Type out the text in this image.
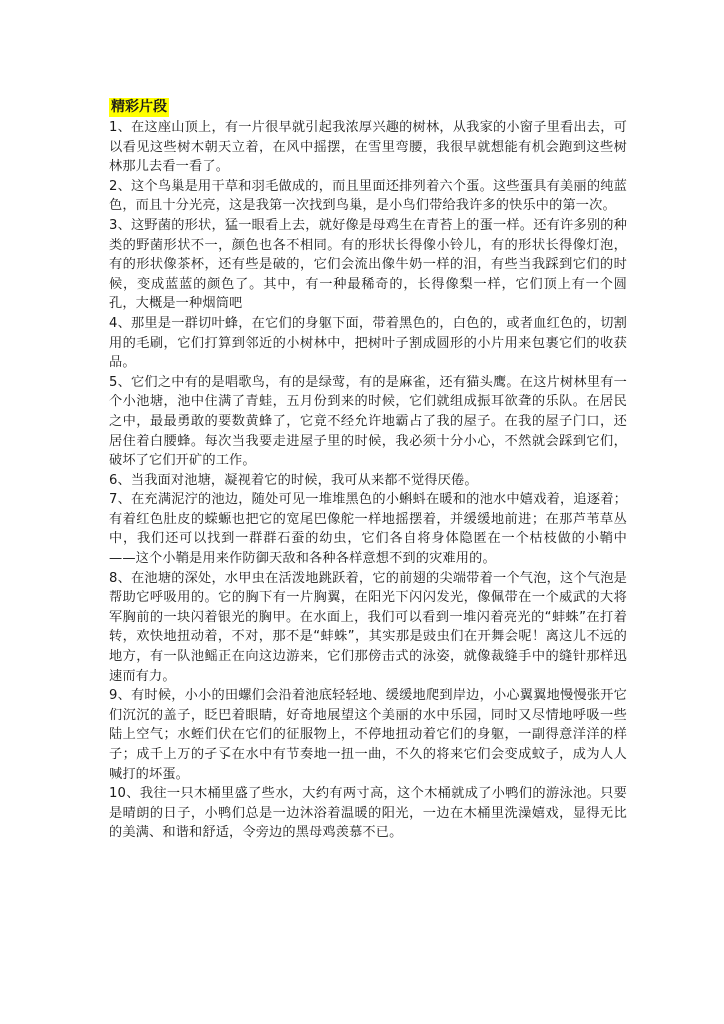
精彩片段

1、在这座山顶上，有一片很早就引起我浓厚兴趣的树林，从我家的小窗子里看出去，可以看见这些树木朝天立着，在风中摇摆，在雪里弯腰，我很早就想能有机会跑到这些树林那儿去看一看了。

2、这个鸟巢是用干草和羽毛做成的，而且里面还排列着六个蛋。这些蛋具有美丽的纯蓝色，而且十分光亮，这是我第一次找到鸟巢，是小鸟们带给我许多的快乐中的第一次。

3、这野菌的形状，猛一眼看上去，就好像是母鸡生在青苔上的蛋一样。还有许多别的种类的野菌形状不一，颜色也各不相同。有的形状长得像小铃儿，有的形状长得像灯泡，有的形状像茶杯，还有些是破的，它们会流出像牛奶一样的泪，有些当我踩到它们的时候，变成蓝蓝的颜色了。其中，有一种最稀奇的，长得像梨一样，它们顶上有一个圆孔，大概是一种烟筒吧

4、那里是一群切叶蜂，在它们的身躯下面，带着黑色的，白色的，或者血红色的，切割用的毛刷，它们打算到邻近的小树林中，把树叶子割成圆形的小片用来包裹它们的收获品。

5、它们之中有的是唱歌鸟，有的是绿莺，有的是麻雀，还有猫头鹰。在这片树林里有一个小池塘，池中住满了青蛙，五月份到来的时候，它们就组成振耳欲聋的乐队。在居民之中，最最勇敢的要数黄蜂了，它竟不经允许地霸占了我的屋子。在我的屋子门口，还居住着白腰蜂。每次当我要走进屋子里的时候，我必须十分小心，不然就会踩到它们，破坏了它们开矿的工作。

6、当我面对池塘，凝视着它的时候，我可从来都不觉得厌倦。

7、在充满泥泞的池边，随处可见一堆堆黑色的小蝌蚪在暖和的池水中嬉戏着，追逐着；有着红色肚皮的蝾螈也把它的宽尾巴像舵一样地摇摆着，并缓缓地前进；在那芦苇草丛中，我们还可以找到一群群石蚕的幼虫，它们各自将身体隐匿在一个枯枝做的小鞘中——这个小鞘是用来作防御天敌和各种各样意想不到的灾难用的。

8、在池塘的深处，水甲虫在活泼地跳跃着，它的前翅的尖端带着一个气泡，这个气泡是帮助它呼吸用的。它的胸下有一片胸翼，在阳光下闪闪发光，像佩带在一个威武的大将军胸前的一块闪着银光的胸甲。在水面上，我们可以看到一堆闪着亮光的“蚌蛛”在打着转，欢快地扭动着，不对，那不是“蚌蛛”，其实那是豉虫们在开舞会呢！离这儿不远的地方，有一队池鳐正在向这边游来，它们那傍击式的泳姿，就像裁缝手中的缝针那样迅速而有力。

9、有时候，小小的田螺们会沿着池底轻轻地、缓缓地爬到岸边，小心翼翼地慢慢张开它们沉沉的盖子，眨巴着眼睛，好奇地展望这个美丽的水中乐园，同时又尽情地呼吸一些陆上空气；水蛭们伏在它们的征服物上，不停地扭动着它们的身躯，一副得意洋洋的样子；成千上万的孑孓在水中有节奏地一扭一曲，不久的将来它们会变成蚊子，成为人人喊打的坏蛋。

10、我往一只木桶里盛了些水，大约有两寸高，这个木桶就成了小鸭们的游泳池。只要是晴朗的日子，小鸭们总是一边沐浴着温暖的阳光，一边在木桶里洗澡嬉戏，显得无比的美满、和谐和舒适，令旁边的黑母鸡羡慕不已。
